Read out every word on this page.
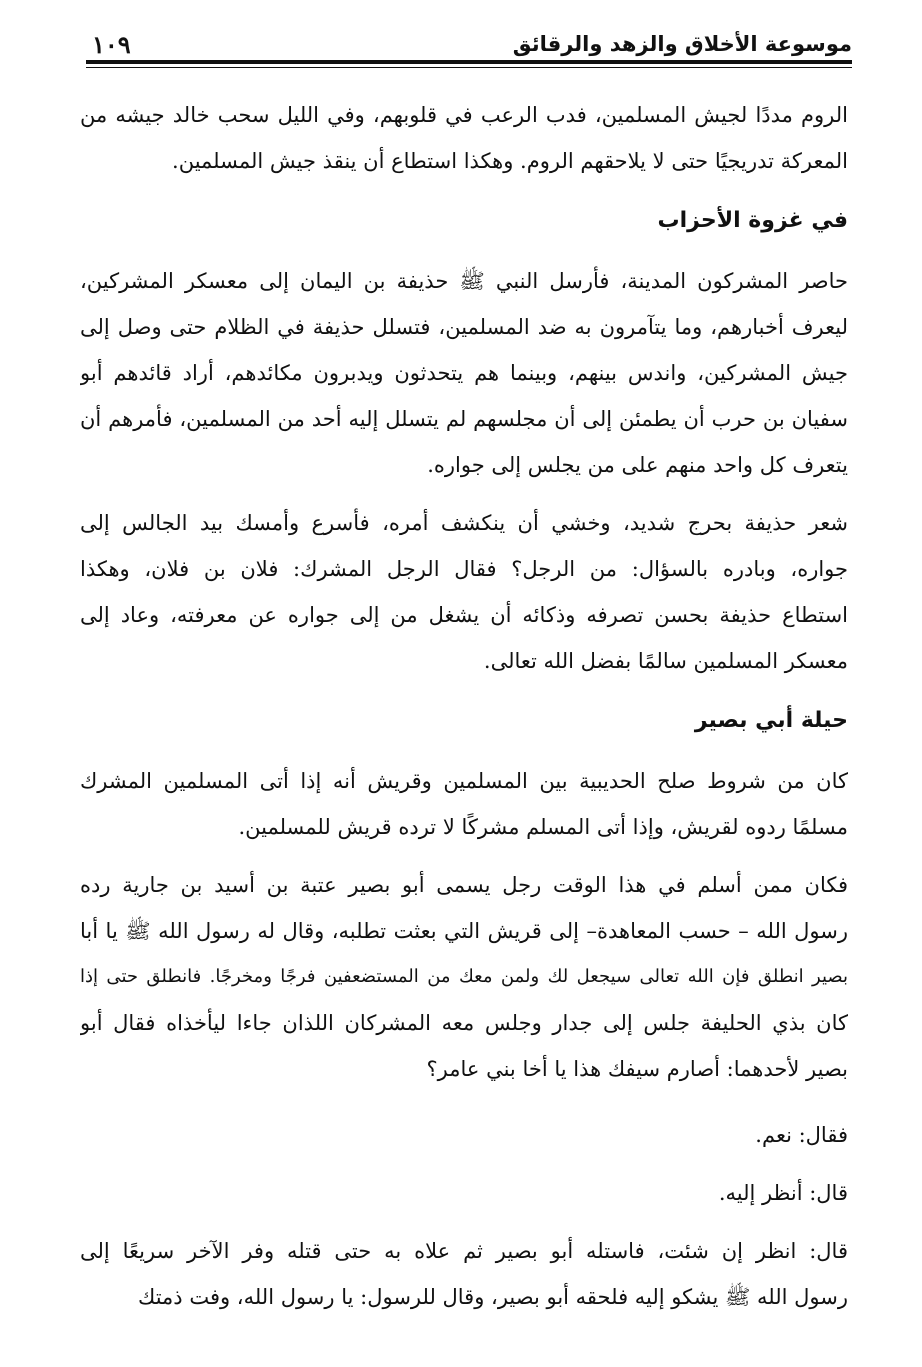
موسوعة الأخلاق والزهد والرقائق
١٠٩
الروم مددًا لجيش المسلمين، فدب الرعب في قلوبهم، وفي الليل سحب خالد جيشه من
المعركة تدريجيًا حتى لا يلاحقهم الروم. وهكذا استطاع أن ينقذ جيش المسلمين.
في غزوة الأحزاب
حاصر المشركون المدينة، فأرسل النبي ﷺ حذيفة بن اليمان إلى معسكر المشركين،
ليعرف أخبارهم، وما يتآمرون به ضد المسلمين، فتسلل حذيفة في الظلام حتى وصل إلى
جيش المشركين، واندس بينهم، وبينما هم يتحدثون ويدبرون مكائدهم، أراد قائدهم أبو
سفيان بن حرب أن يطمئن إلى أن مجلسهم لم يتسلل إليه أحد من المسلمين، فأمرهم أن
يتعرف كل واحد منهم على من يجلس إلى جواره.
شعر حذيفة بحرج شديد، وخشي أن ينكشف أمره، فأسرع وأمسك بيد الجالس إلى
جواره، وبادره بالسؤال: من الرجل؟ فقال الرجل المشرك: فلان بن فلان، وهكذا
استطاع حذيفة بحسن تصرفه وذكائه أن يشغل من إلى جواره عن معرفته، وعاد إلى
معسكر المسلمين سالمًا بفضل الله تعالى.
حيلة أبي بصير
كان من شروط صلح الحديبية بين المسلمين وقريش أنه إذا أتى المسلمين المشرك
مسلمًا ردوه لقريش، وإذا أتى المسلم مشركًا لا ترده قريش للمسلمين.
فكان ممن أسلم في هذا الوقت رجل يسمى أبو بصير عتبة بن أسيد بن جارية رده
رسول الله – حسب المعاهدة– إلى قريش التي بعثت تطلبه، وقال له رسول الله ﷺ يا أبا
بصير انطلق فإن الله تعالى سيجعل لك ولمن معك من المستضعفين فرجًا ومخرجًا. فانطلق حتى إذا
كان بذي الحليفة جلس إلى جدار وجلس معه المشركان اللذان جاءا ليأخذاه فقال أبو
بصير لأحدهما: أصارم سيفك هذا يا أخا بني عامر؟
فقال: نعم.
قال: أنظر إليه.
قال: انظر إن شئت، فاستله أبو بصير ثم علاه به حتى قتله وفر الآخر سريعًا إلى
رسول الله ﷺ يشكو إليه فلحقه أبو بصير، وقال للرسول: يا رسول الله، وفت ذمتك
